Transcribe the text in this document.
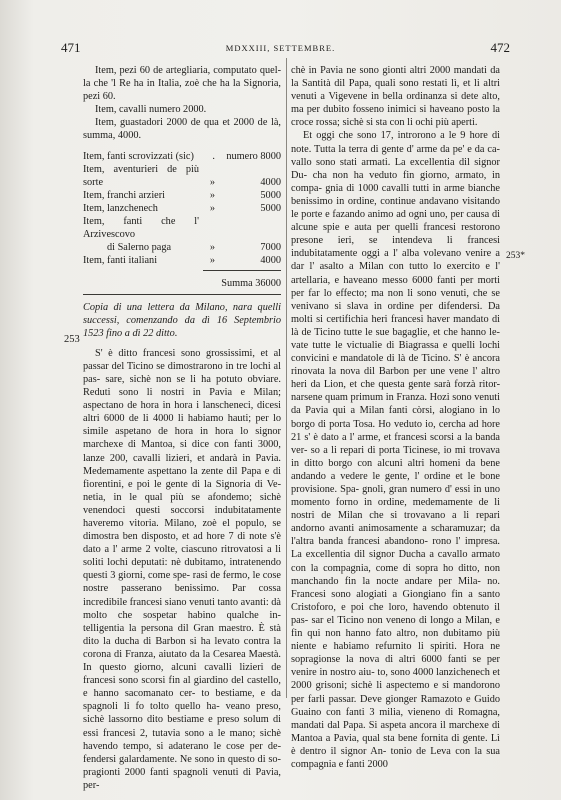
471	MDXXIII, SETTEMBRE.	472
253
253*

Item, pezi 60 de artegliaria, computato quel- la che 'l Re ha in Italia, zoè che ha la Signoria, pezi 60.

Item, cavalli numero 2000.

Item, guastadori 2000 de qua et 2000 de là, summa, 4000.

Item, fanti scrovizzati (sic)	.	numero 8000
Item, aventurieri de più sorte	»	4000
Item, franchi arzieri	»	5000
Item, lanzchenech	»	5000
Item, fanti che l' Arzivescovo		
di Salerno paga	»	7000
Item, fanti italiani	»	4000
Summa 36000

Copia di una lettera da Milano, nara quelli successi, comenzando da dì 16 Septembrio 1523 fino a dì 22 ditto.

S' è ditto francesi sono grossissimi, et al passar del Ticino se dimostrarono in tre lochi al pas- sare, sichè non se li ha potuto obviare. Reduti sono li nostri in Pavia e Milan; aspectano de hora in hora i lanscheneci, dicesi altri 6000 de li 4000 li habiamo hauti; per lo simile aspetano de hora in hora lo signor marchexe di Mantoa, si dice con fanti 3000, lanze 200, cavalli lizieri, et andarà in Pavia. Medemamente aspettano la zente dil Papa e di fiorentini, e poi le gente di la Signoria di Ve- netia, in le qual più se afondemo; sichè venendoci questi soccorsi indubitatamente haveremo vitoria. Milano, zoè el populo, se dimostra ben disposto, et ad hore 7 di note s'è dato a l' arme 2 volte, ciascuno ritrovatosi a li soliti lochi deputati: nè dubitamo, intratenendo questi 3 giorni, come spe- rasi de fermo, le cose nostre passerano benissimo. Par cossa incredibile francesi siano venuti tanto avanti: dà molto che sospetar habino qualche in- telligentia la persona dil Gran maestro. È stà dito la ducha di Barbon si ha levato contra la corona di Franza, aiutato da la Cesarea Maestà. In questo giorno, alcuni cavalli lizieri de francesi sono scorsi fin al giardino del castello, e hanno sacomanato cer- to bestiame, e da spagnoli li fo tolto quello ha- veano preso, sichè lassorno dito bestiame e preso solum di essi francesi 2, tutavia sono a le mano; sichè havendo tempo, si adaterano le cose per de- fendersi galardamente. Ne sono in questo di so- pragionti 2000 fanti spagnoli venuti di Pavia, per-

chè in Pavia ne sono gionti altri 2000 mandati da la Santità dil Papa, quali sono restati lì, et li altri venuti a Vigevene in bella ordinanza si dete alto, ma per dubito fosseno inimici si haveano posto la croce rossa; sichè si sta con li ochi più aperti.

Et oggi che sono 17, introrono a le 9 hore di note. Tutta la terra di gente d' arme da pe' e da ca- vallo sono stati armati. La excellentia dil signor Du- cha non ha veduto fin giorno, armato, in compa- gnia di 1000 cavalli tutti in arme bianche benissimo in ordine, continue andavano visitando le porte e fazando animo ad ogni uno, per causa di alcune spie e auta per quelli francesi restorono presone ieri, se intendeva li francesi indubitatamente oggi a l' alba volevano venire a dar l' asalto a Milan con tutto lo exercito e l' artellaria, e haveano messo 6000 fanti per morti per far lo effecto; ma non li sono venuti, che se venivano si slava in ordine per difendersi. Da molti si certifichia heri francesi haver mandato di là de Ticino tutte le sue bagaglie, et che hanno le- vate tutte le victualie di Biagrassa e quelli lochi convicini e mandatole di là de Ticino. S' è ancora rinovata la nova dil Barbon per une vene l' altro heri da Lion, et che questa gente sarà forzà ritor- narsene quam primum in Franza. Hozi sono venuti da Pavia qui a Milan fanti còrsi, alogiano in lo borgo di porta Tosa. Ho veduto io, cercha ad hore 21 s' è dato a l' arme, et francesi scorsi a la banda ver- so a li repari di porta Ticinese, io mi trovava in ditto borgo con alcuni altri homeni da bene andando a vedere le gente, l' ordine et le bone provisione. Spa- gnoli, gran numero d' essi in uno momento forno in ordine, medemamente de li nostri de Milan che si trovavano a li repari andorno avanti animosamente a scharamuzar; da l'altra banda francesi abandono- rono l' impresa. La excellentia dil signor Ducha a cavallo armato con la compagnia, come di sopra ho ditto, non manchando fin la nocte andare per Mila- no. Francesi sono alogiati a Giongiano fin a santo Cristoforo, e poi che loro, havendo obtenuto il pas- sar el Ticino non veneno di longo a Milan, e fin qui non hanno fato altro, non dubitamo più niente e habiamo refurnito li spiriti. Hora ne sopragionse la nova di altri 6000 fanti se per venire in nostro aiu- to, sono 4000 lanzichenech et 2000 grisoni; sichè li aspectemo e si mandorono per farli passar. Deve gionger Ramazoto e Guido Guaino con fanti 3 milia, vieneno di Romagna, mandati dal Papa. Si aspeta ancora il marchexe di Mantoa a Pavia, qual sta bene fornita di gente. Lì è dentro il signor An- tonio de Leva con la sua compagnia e fanti 2000
